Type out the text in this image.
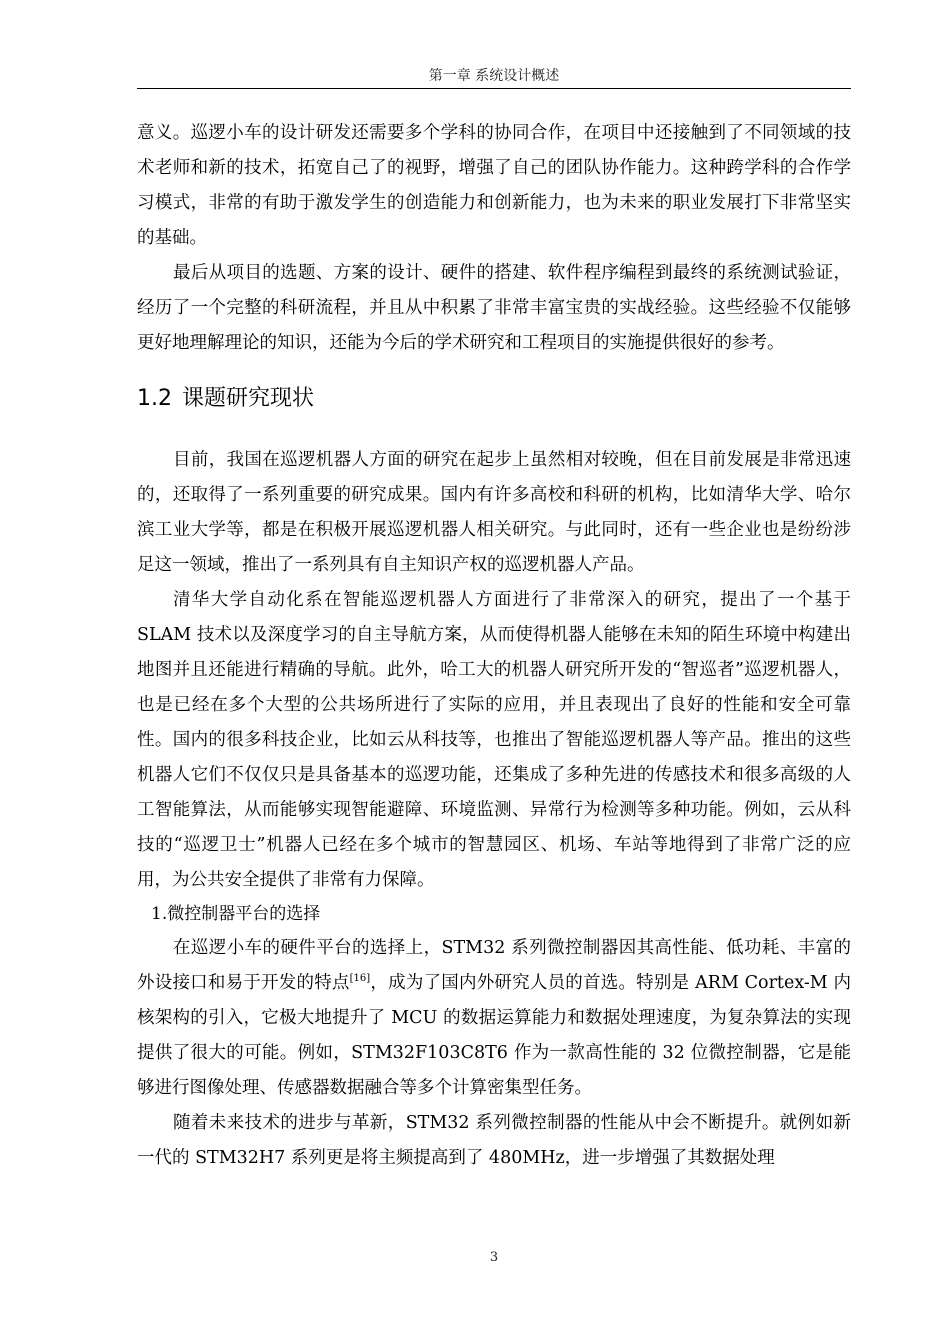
第一章 系统设计概述

意义。巡逻小车的设计研发还需要多个学科的协同合作，在项目中还接触到了不同领域的技术老师和新的技术，拓宽自己了的视野，增强了自己的团队协作能力。这种跨学科的合作学习模式，非常的有助于激发学生的创造能力和创新能力，也为未来的职业发展打下非常坚实的基础。

最后从项目的选题、方案的设计、硬件的搭建、软件程序编程到最终的系统测试验证，经历了一个完整的科研流程，并且从中积累了非常丰富宝贵的实战经验。这些经验不仅能够更好地理解理论的知识，还能为今后的学术研究和工程项目的实施提供很好的参考。

1.2 课题研究现状

目前，我国在巡逻机器人方面的研究在起步上虽然相对较晚，但在目前发展是非常迅速的，还取得了一系列重要的研究成果。国内有许多高校和科研的机构，比如清华大学、哈尔滨工业大学等，都是在积极开展巡逻机器人相关研究。与此同时，还有一些企业也是纷纷涉足这一领域，推出了一系列具有自主知识产权的巡逻机器人产品。

清华大学自动化系在智能巡逻机器人方面进行了非常深入的研究，提出了一个基于 SLAM 技术以及深度学习的自主导航方案，从而使得机器人能够在未知的陌生环境中构建出地图并且还能进行精确的导航。此外，哈工大的机器人研究所开发的“智巡者”巡逻机器人，也是已经在多个大型的公共场所进行了实际的应用，并且表现出了良好的性能和安全可靠性。国内的很多科技企业，比如云从科技等，也推出了智能巡逻机器人等产品。推出的这些机器人它们不仅仅只是具备基本的巡逻功能，还集成了多种先进的传感技术和很多高级的人工智能算法，从而能够实现智能避障、环境监测、异常行为检测等多种功能。例如，云从科技的“巡逻卫士”机器人已经在多个城市的智慧园区、机场、车站等地得到了非常广泛的应用，为公共安全提供了非常有力保障。

1.微控制器平台的选择

在巡逻小车的硬件平台的选择上，STM32 系列微控制器因其高性能、低功耗、丰富的外设接口和易于开发的特点[16]，成为了国内外研究人员的首选。特别是 ARM Cortex-M 内核架构的引入，它极大地提升了 MCU 的数据运算能力和数据处理速度，为复杂算法的实现提供了很大的可能。例如，STM32F103C8T6 作为一款高性能的 32 位微控制器，它是能够进行图像处理、传感器数据融合等多个计算密集型任务。

随着未来技术的进步与革新，STM32 系列微控制器的性能从中会不断提升。就例如新一代的 STM32H7 系列更是将主频提高到了 480MHz，进一步增强了其数据处理

3
